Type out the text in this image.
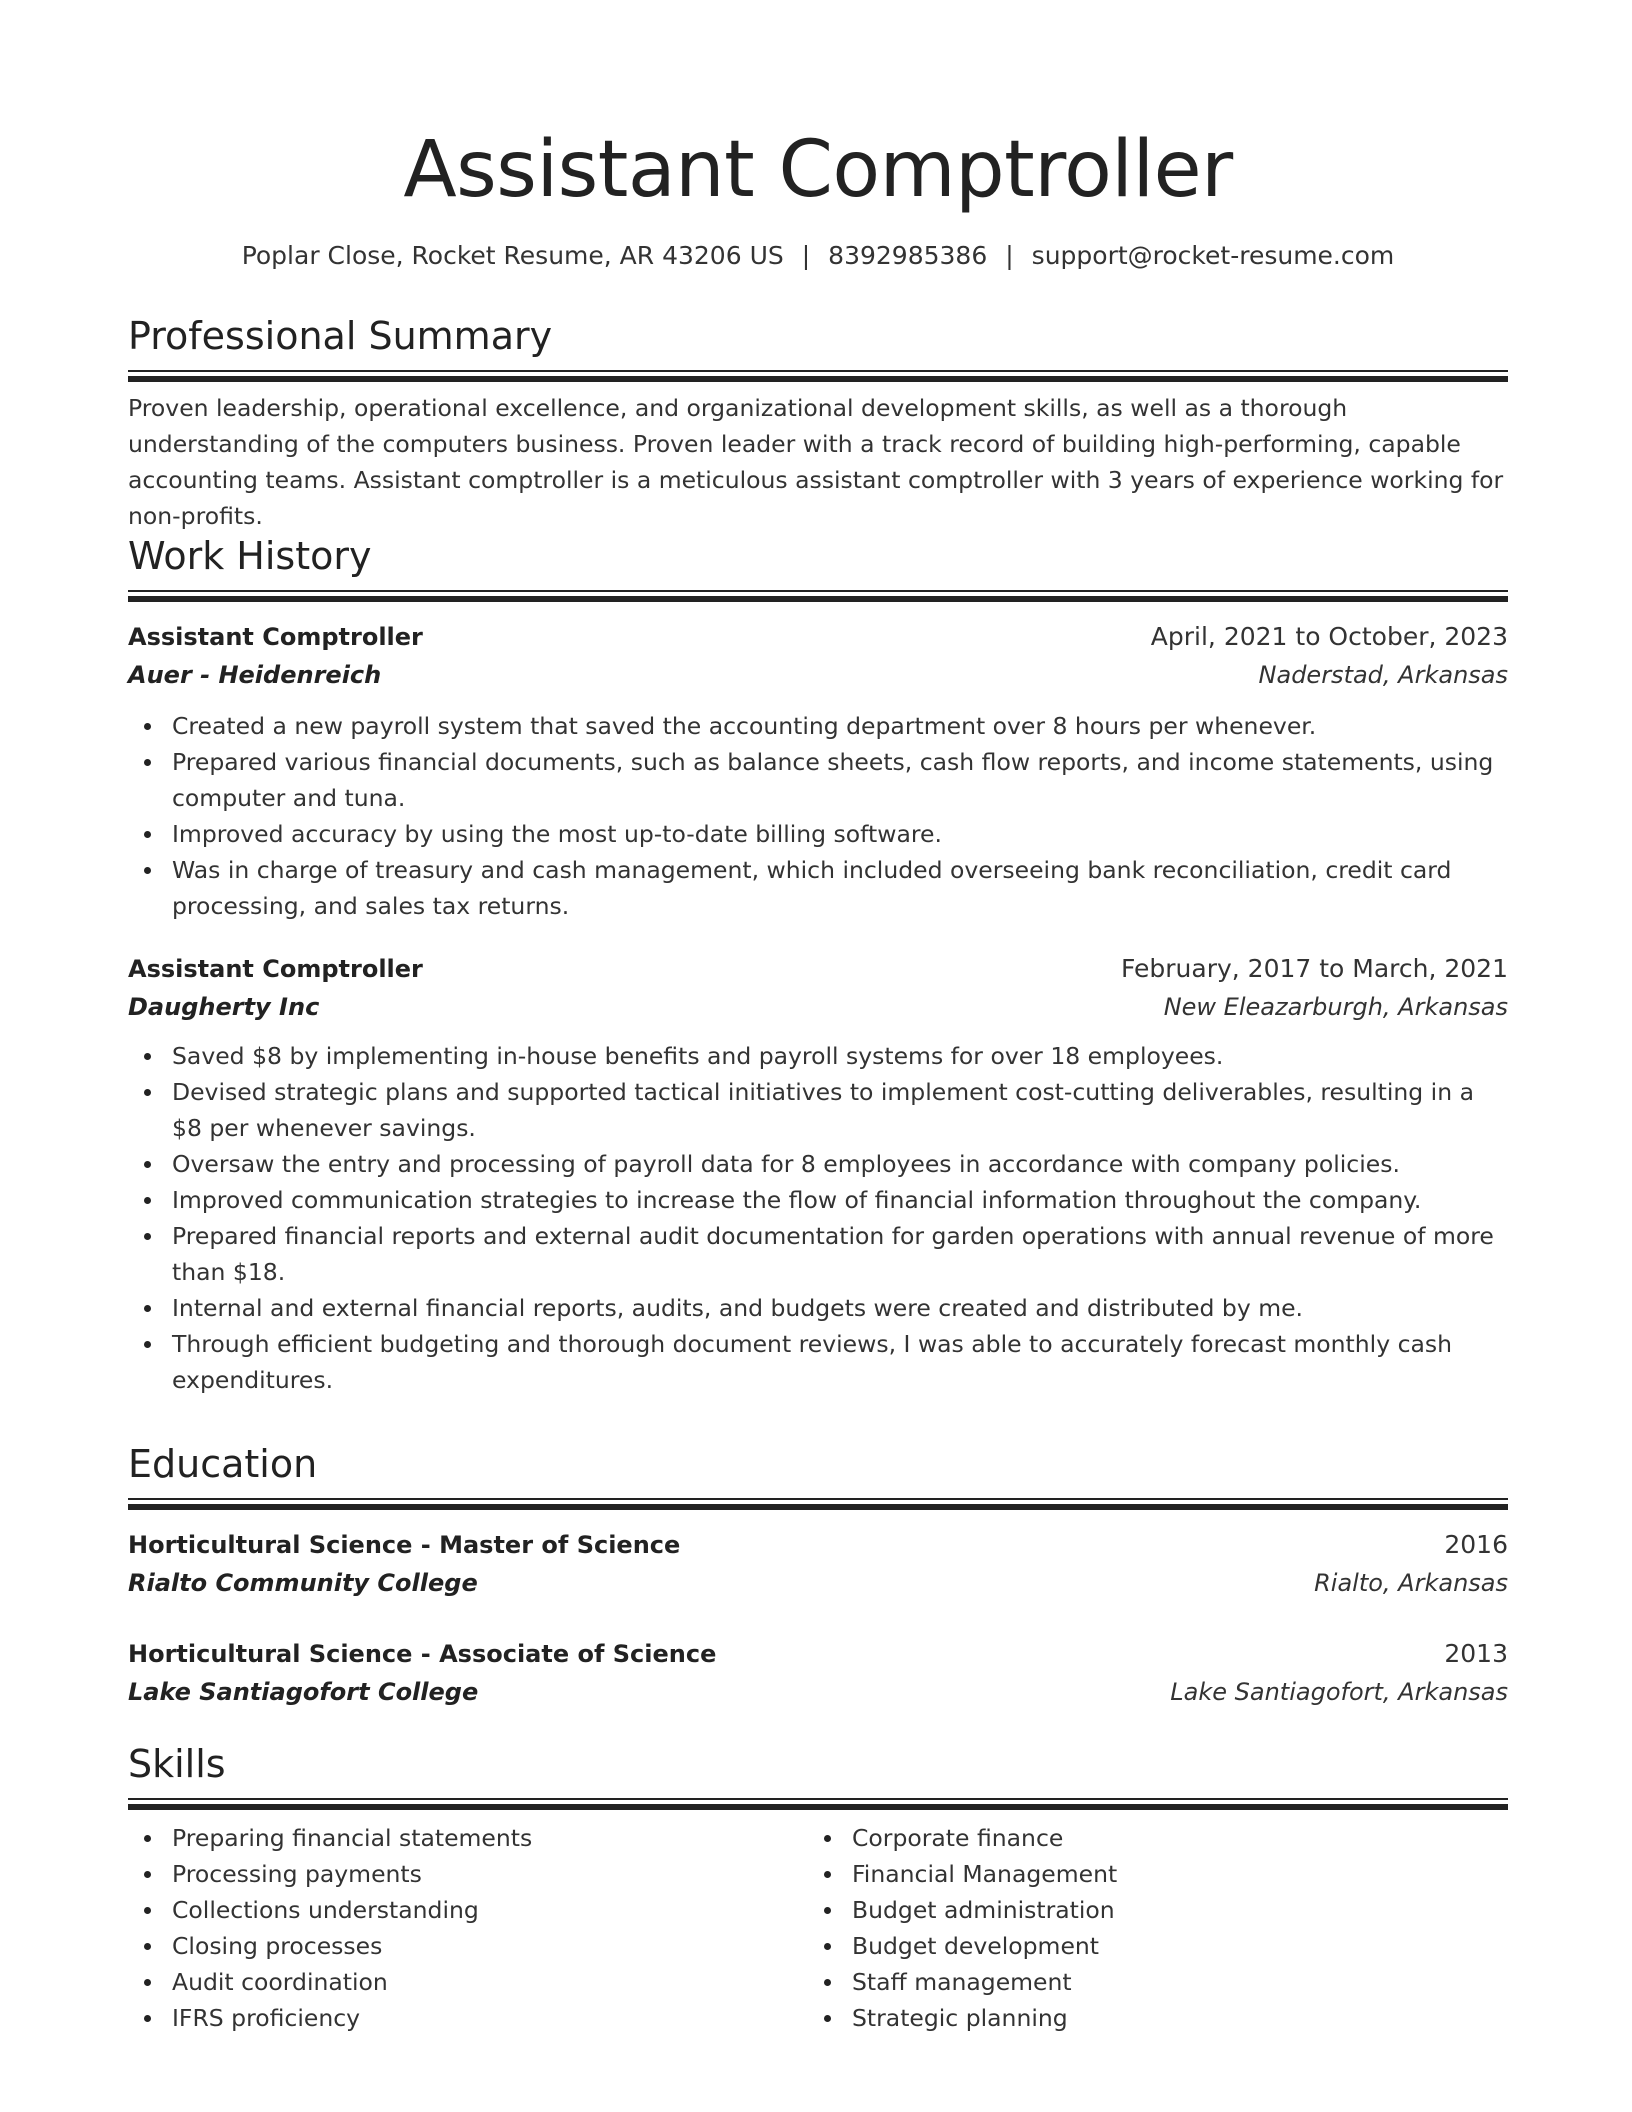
Assistant Comptroller
Poplar Close, Rocket Resume, AR 43206 US | 8392985386 | support@rocket-resume.com
Professional Summary

Proven leadership, operational excellence, and organizational development skills, as well as a thorough understanding of the computers business. Proven leader with a track record of building high-performing, capable accounting teams. Assistant comptroller is a meticulous assistant comptroller with 3 years of experience working for non-profits.

Work History
Assistant Comptroller	April, 2021 to October, 2023
Auer - Heidenreich	Naderstad, Arkansas
Created a new payroll system that saved the accounting department over 8 hours per whenever.
Prepared various financial documents, such as balance sheets, cash flow reports, and income statements, using computer and tuna.
Improved accuracy by using the most up-to-date billing software.
Was in charge of treasury and cash management, which included overseeing bank reconciliation, credit card processing, and sales tax returns.
Assistant Comptroller	February, 2017 to March, 2021
Daugherty Inc	New Eleazarburgh, Arkansas
Saved $8 by implementing in-house benefits and payroll systems for over 18 employees.
Devised strategic plans and supported tactical initiatives to implement cost-cutting deliverables, resulting in a $8 per whenever savings.
Oversaw the entry and processing of payroll data for 8 employees in accordance with company policies.
Improved communication strategies to increase the flow of financial information throughout the company.
Prepared financial reports and external audit documentation for garden operations with annual revenue of more than $18.
Internal and external financial reports, audits, and budgets were created and distributed by me.
Through efficient budgeting and thorough document reviews, I was able to accurately forecast monthly cash expenditures.
Education
Horticultural Science - Master of Science	2016
Rialto Community College	Rialto, Arkansas
Horticultural Science - Associate of Science	2013
Lake Santiagofort College	Lake Santiagofort, Arkansas
Skills
Preparing financial statements
Processing payments
Collections understanding
Closing processes
Audit coordination
IFRS proficiency
Corporate finance
Financial Management
Budget administration
Budget development
Staff management
Strategic planning
